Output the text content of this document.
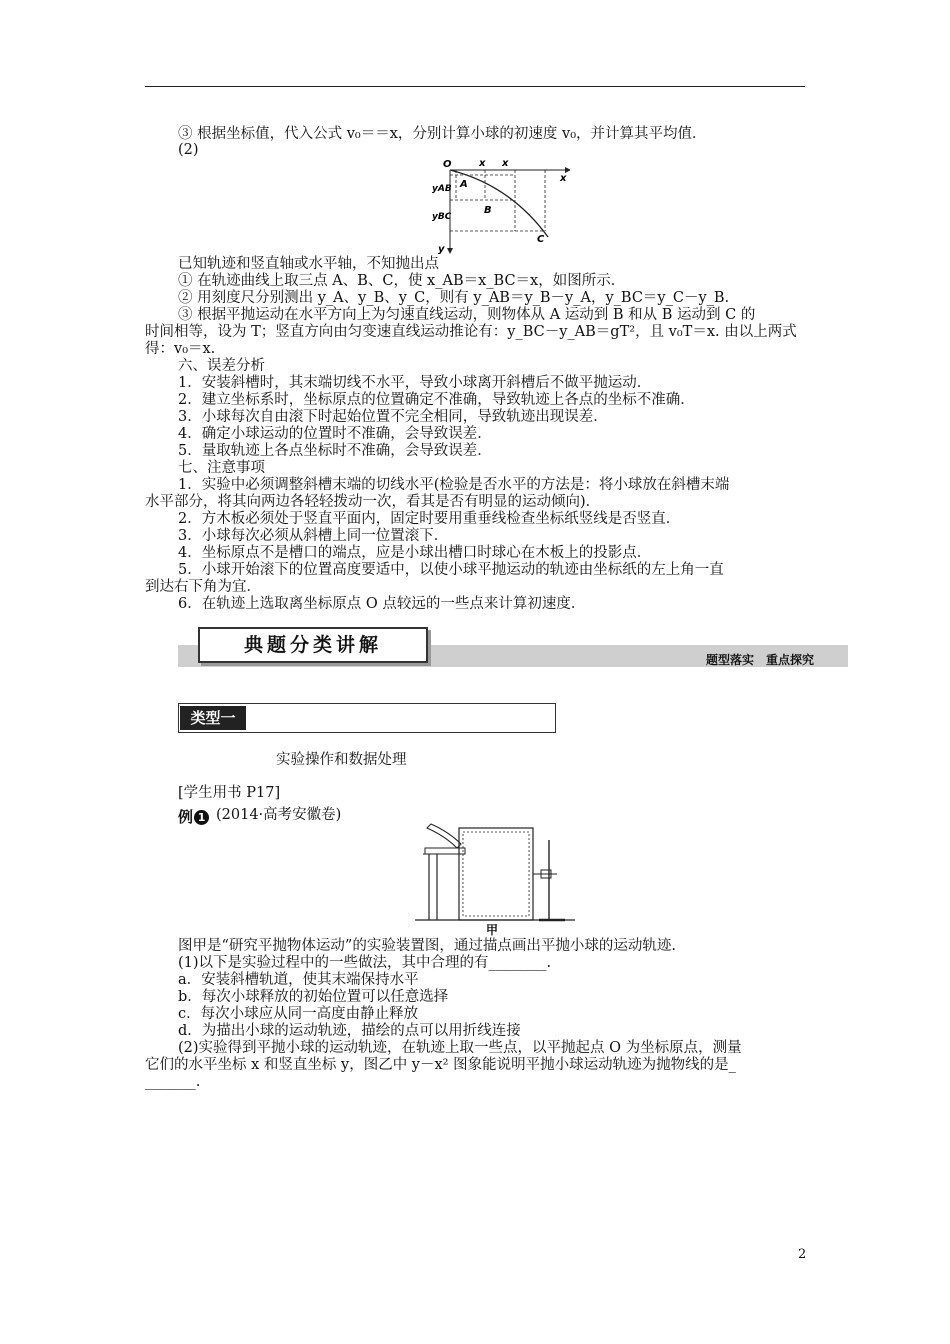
③ 根据坐标值，代入公式 v₀＝＝x，分别计算小球的初速度 v₀，并计算其平均值．
(2)
O	x x
x
y
yAB
yBC
A
B
C
已知轨迹和竖直轴或水平轴，不知抛出点
① 在轨迹曲线上取三点 A、B、C，使 x_AB＝x_BC＝x，如图所示．
② 用刻度尺分别测出 y_A、y_B、y_C，则有 y_AB＝y_B－y_A，y_BC＝y_C－y_B.
③ 根据平抛运动在水平方向上为匀速直线运动，则物体从 A 运动到 B 和从 B 运动到 C 的
时间相等，设为 T；竖直方向由匀变速直线运动推论有：y_BC－y_AB＝gT²，且 v₀T＝x. 由以上两式
得：v₀＝x.
六、误差分析
1．安装斜槽时，其末端切线不水平，导致小球离开斜槽后不做平抛运动．
2．建立坐标系时，坐标原点的位置确定不准确，导致轨迹上各点的坐标不准确．
3．小球每次自由滚下时起始位置不完全相同，导致轨迹出现误差．
4．确定小球运动的位置时不准确，会导致误差．
5．量取轨迹上各点坐标时不准确，会导致误差．
七、注意事项
1．实验中必须调整斜槽末端的切线水平(检验是否水平的方法是：将小球放在斜槽末端
水平部分，将其向两边各轻轻拨动一次，看其是否有明显的运动倾向)．
2．方木板必须处于竖直平面内，固定时要用重垂线检查坐标纸竖线是否竖直．
3．小球每次必须从斜槽上同一位置滚下．
4．坐标原点不是槽口的端点，应是小球出槽口时球心在木板上的投影点．
5．小球开始滚下的位置高度要适中，以使小球平抛运动的轨迹由坐标纸的左上角一直
到达右下角为宜．
6．在轨迹上选取离坐标原点 O 点较远的一些点来计算初速度．
典题分类讲解
题型落实　重点探究
类型一
实验操作和数据处理
[学生用书 P17]
例 1 (2014·高考安徽卷)
甲
图甲是“研究平抛物体运动”的实验装置图，通过描点画出平抛小球的运动轨迹.
(1)以下是实验过程中的一些做法，其中合理的有________.
a．安装斜槽轨道，使其末端保持水平
b．每次小球释放的初始位置可以任意选择
c．每次小球应从同一高度由静止释放
d．为描出小球的运动轨迹，描绘的点可以用折线连接
(2)实验得到平抛小球的运动轨迹，在轨迹上取一些点，以平抛起点 O 为坐标原点，测量
它们的水平坐标 x 和竖直坐标 y，图乙中 y－x² 图象能说明平抛小球运动轨迹为抛物线的是_
_______.
2
